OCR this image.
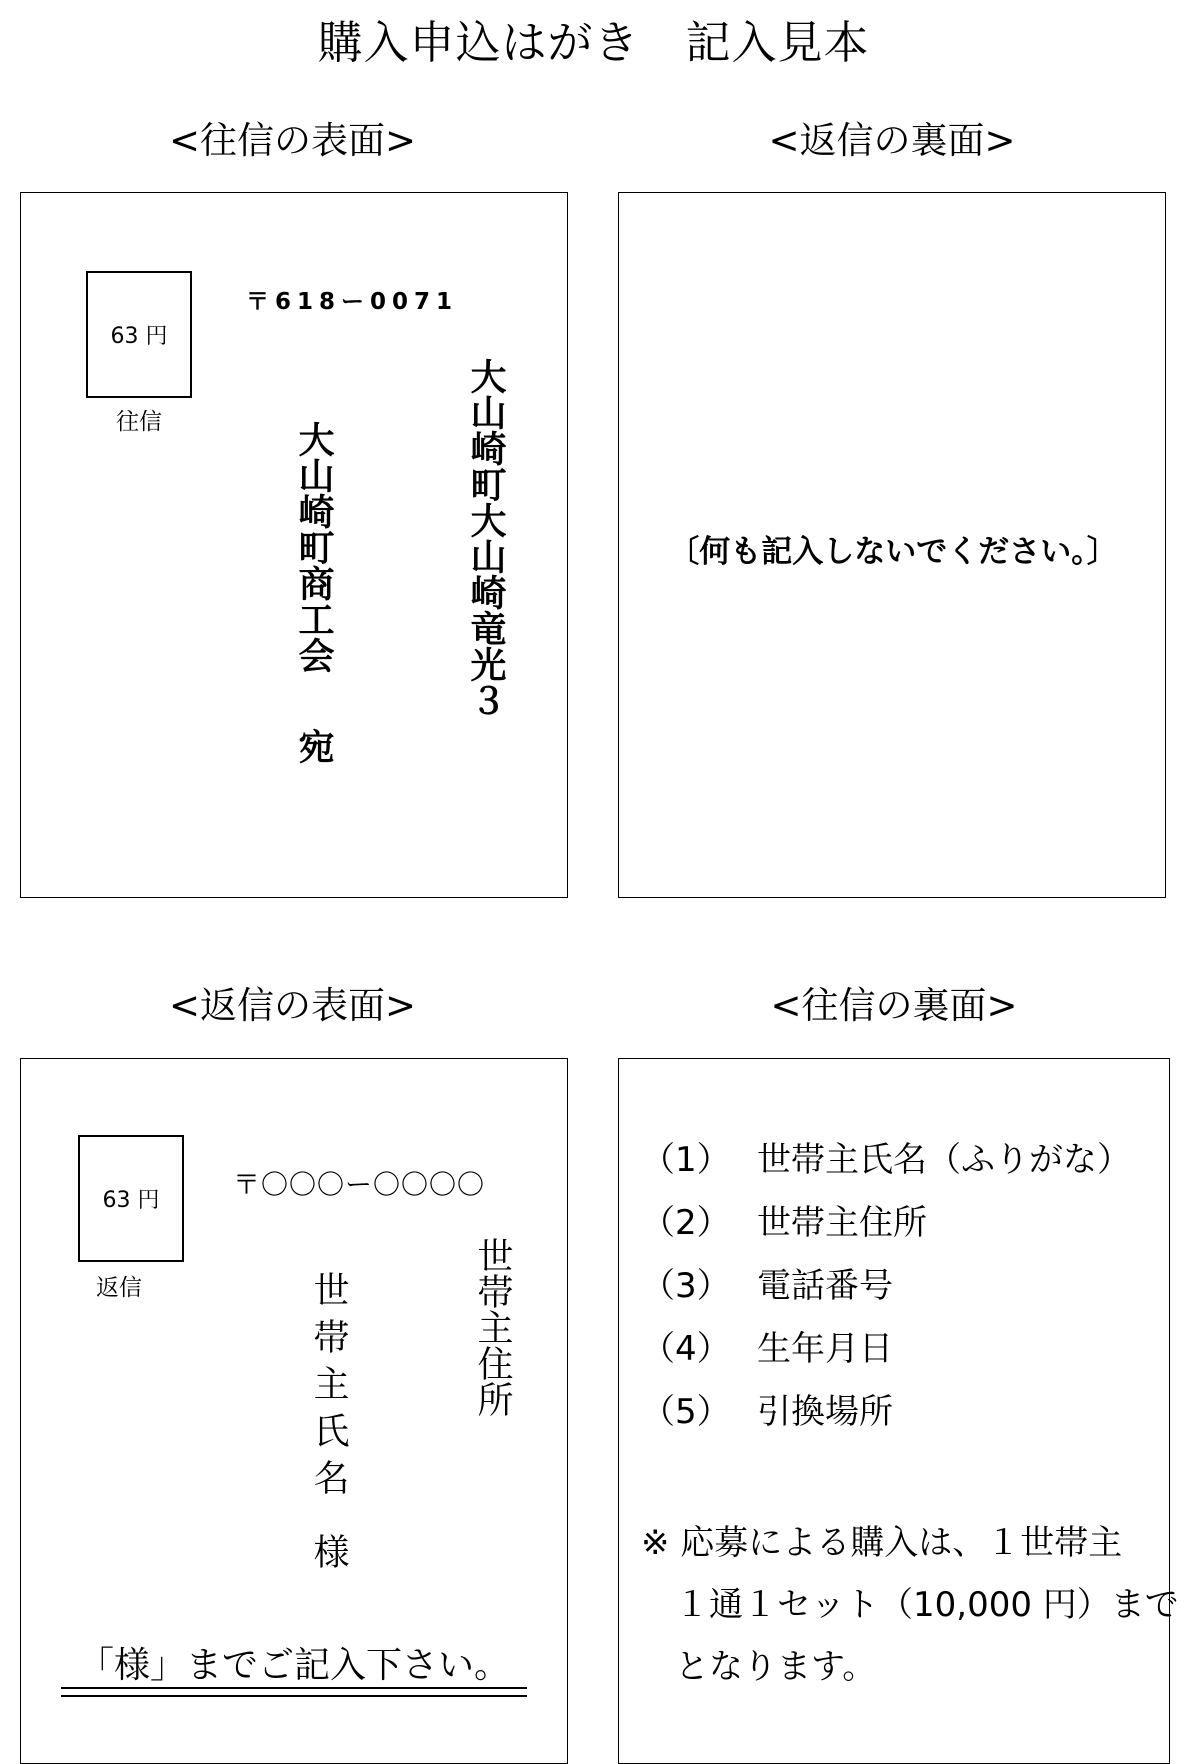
購入申込はがき　記入見本
<往信の表面>	<返信の裏面>
<返信の表面>	<往信の裏面>
63 円
往信
〒618ー0071
大山崎町大山崎竜光３
大山崎町商工会
宛
〔何も記入しないでください。〕
63 円
返信
〒〇〇〇ー〇〇〇〇
世帯主住所
世帯主氏名
様
「様」までご記入下さい。
（1） 世帯主氏名（ふりがな）
（2） 世帯主住所
（3） 電話番号
（4） 生年月日
（5） 引換場所
※ 応募による購入は、１世帯主
１通１セット（10,000 円）まで
となります。
